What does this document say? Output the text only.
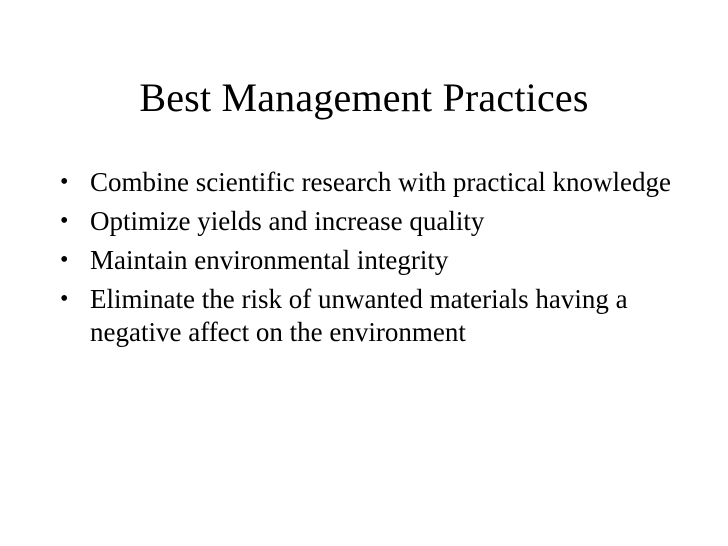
Best Management Practices
• Combine scientific research with practical knowledge
• Optimize yields and increase quality
• Maintain environmental integrity
• Eliminate the risk of unwanted materials having a negative affect on the environment
